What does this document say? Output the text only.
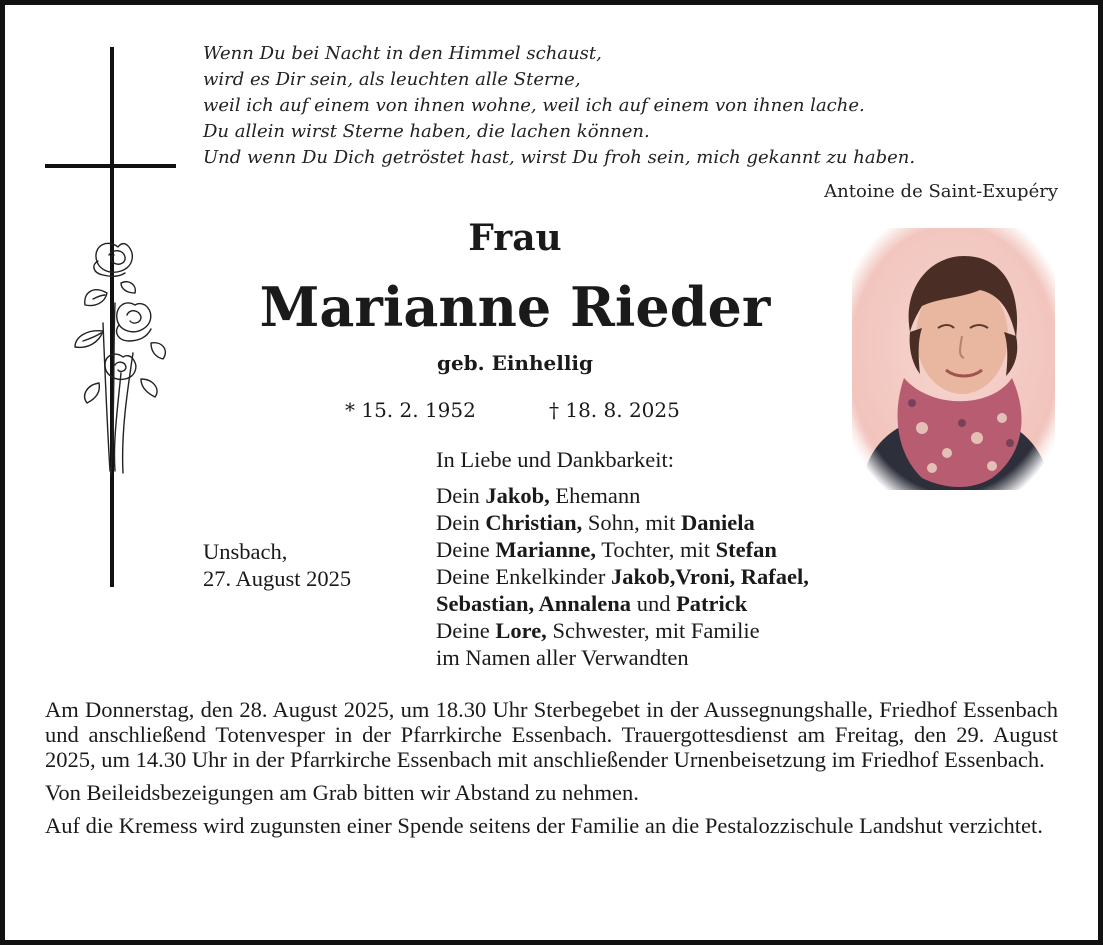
Wenn Du bei Nacht in den Himmel schaust,
wird es Dir sein, als leuchten alle Sterne,
weil ich auf einem von ihnen wohne, weil ich auf einem von ihnen lache.
Du allein wirst Sterne haben, die lachen können.
Und wenn Du Dich getröstet hast, wirst Du froh sein, mich gekannt zu haben.
Antoine de Saint-Exupéry
Frau
Marianne Rieder
geb. Einhellig
* 15. 2. 1952	† 18. 8. 2025
Unsbach,
27. August 2025
In Liebe und Dankbarkeit:
Dein Jakob, Ehemann
Dein Christian, Sohn, mit Daniela
Deine Marianne, Tochter, mit Stefan
Deine Enkelkinder Jakob,Vroni, Rafael,
Sebastian, Annalena und Patrick
Deine Lore, Schwester, mit Familie
im Namen aller Verwandten

Am Donnerstag, den 28. August 2025, um 18.30 Uhr Sterbegebet in der Aussegnungshalle, Friedhof Essenbach und anschließend Totenvesper in der Pfarrkirche Essenbach. Trauergottesdienst am Freitag, den 29. August 2025, um 14.30 Uhr in der Pfarrkirche Essenbach mit anschließender Urnenbeisetzung im Friedhof Essenbach.

Von Beileidsbezeigungen am Grab bitten wir Abstand zu nehmen.

Auf die Kremess wird zugunsten einer Spende seitens der Familie an die Pestalozzischule Landshut verzichtet.
